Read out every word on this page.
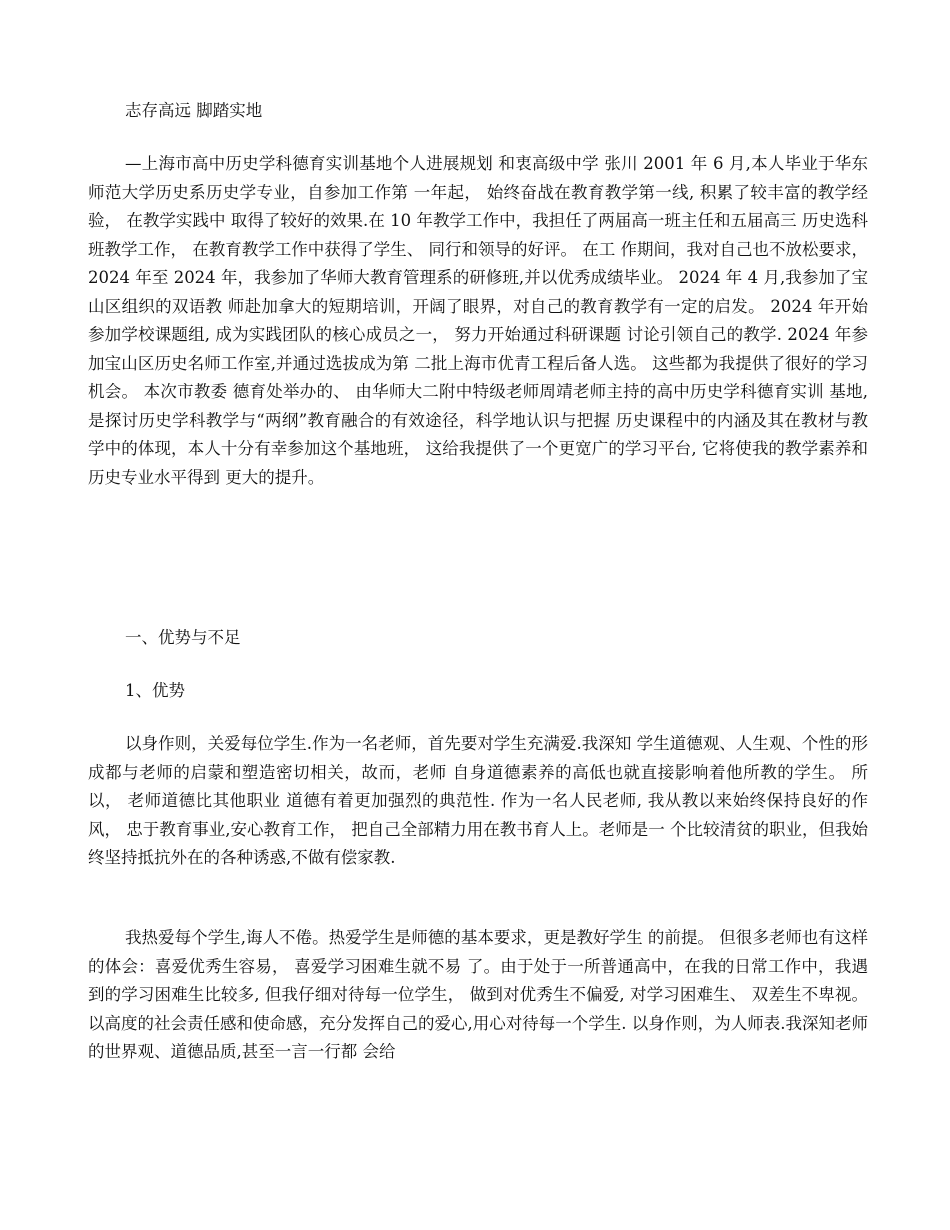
志存高远 脚踏实地

—上海市高中历史学科德育实训基地个人进展规划 和衷高级中学 张川 2001 年 6 月,本人毕业于华东师范大学历史系历史学专业，自参加工作第 一年起， 始终奋战在教育教学第一线, 积累了较丰富的教学经验， 在教学实践中 取得了较好的效果.在 10 年教学工作中，我担任了两届高一班主任和五届高三 历史选科班教学工作， 在教育教学工作中获得了学生、 同行和领导的好评。 在工 作期间，我对自己也不放松要求， 2024 年至 2024 年，我参加了华师大教育管理系的研修班,并以优秀成绩毕业。 2024 年 4 月,我参加了宝山区组织的双语教 师赴加拿大的短期培训，开阔了眼界，对自己的教育教学有一定的启发。 2024 年开始参加学校课题组, 成为实践团队的核心成员之一， 努力开始通过科研课题 讨论引领自己的教学. 2024 年参加宝山区历史名师工作室,并通过选拔成为第 二批上海市优青工程后备人选。 这些都为我提供了很好的学习机会。 本次市教委 德育处举办的、 由华师大二附中特级老师周靖老师主持的高中历史学科德育实训 基地,是探讨历史学科教学与“两纲”教育融合的有效途径，科学地认识与把握 历史课程中的内涵及其在教材与教学中的体现，本人十分有幸参加这个基地班， 这给我提供了一个更宽广的学习平台, 它将使我的教学素养和历史专业水平得到 更大的提升。

一、优势与不足

1、优势

以身作则，关爱每位学生.作为一名老师，首先要对学生充满爱.我深知 学生道德观、人生观、个性的形成都与老师的启蒙和塑造密切相关，故而，老师 自身道德素养的高低也就直接影响着他所教的学生。 所以， 老师道德比其他职业 道德有着更加强烈的典范性. 作为一名人民老师, 我从教以来始终保持良好的作 风， 忠于教育事业,安心教育工作， 把自己全部精力用在教书育人上。老师是一 个比较清贫的职业，但我始终坚持抵抗外在的各种诱惑,不做有偿家教.

我热爱每个学生,诲人不倦。热爱学生是师德的基本要求，更是教好学生 的前提。 但很多老师也有这样的体会：喜爱优秀生容易， 喜爱学习困难生就不易 了。由于处于一所普通高中，在我的日常工作中，我遇到的学习困难生比较多, 但我仔细对待每一位学生， 做到对优秀生不偏爱, 对学习困难生、 双差生不卑视。 以高度的社会责任感和使命感，充分发挥自己的爱心,用心对待每一个学生. 以身作则，为人师表.我深知老师的世界观、道德品质,甚至一言一行都 会给
